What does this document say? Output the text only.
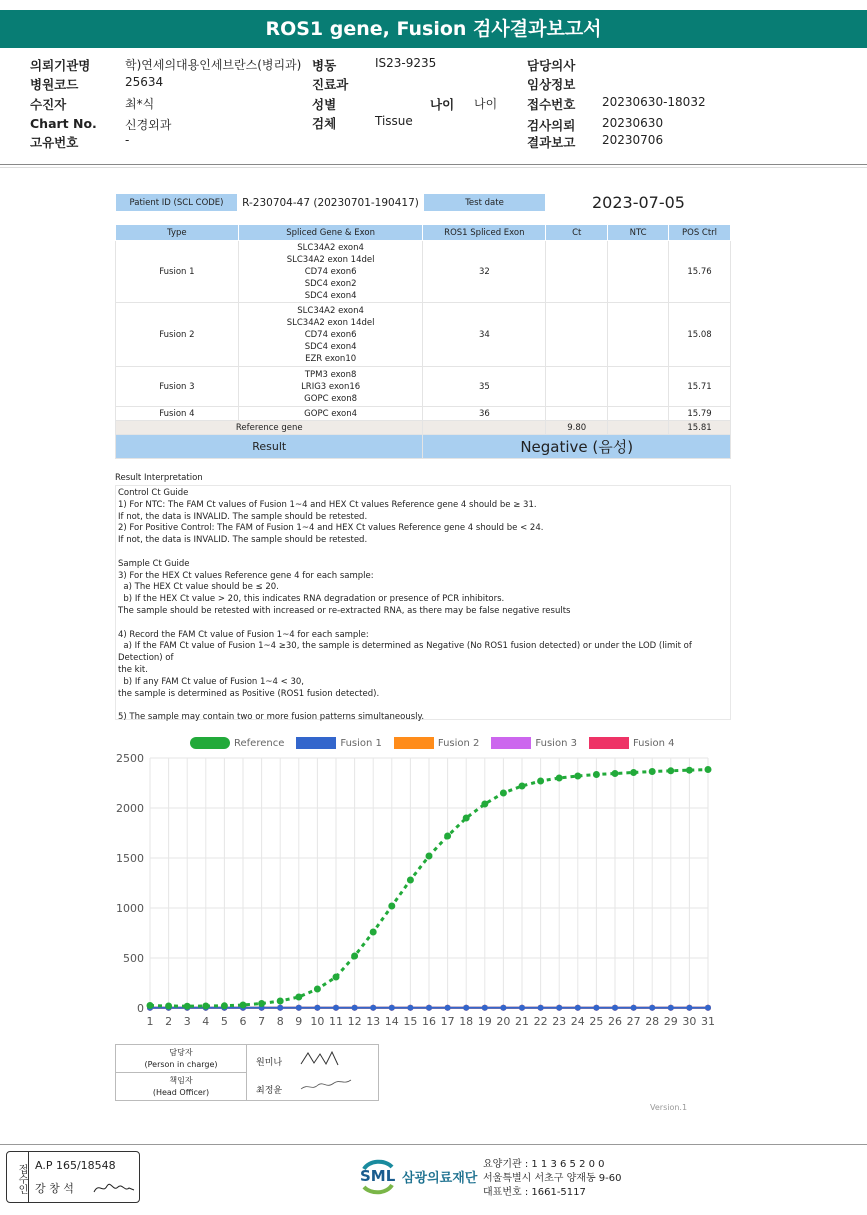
ROS1 gene, Fusion 검사결과보고서
의뢰기관명	학)연세의대용인세브란스(병리과)
병원코드	25634
수진자	최*식
Chart No. 신경외과
고유번호	-
병동	IS23-9235
진료과
성별
검체	Tissue
담당의사
임상정보
접수번호 20230630-18032
검사의뢰 20230630
결과보고 20230706
나이 나이
Patient ID (SCL CODE)	R-230704-47 (20230701-190417)	Test date	2023-07-05
Type	Spliced Gene & Exon	ROS1 Spliced Exon	Ct	NTC	POS Ctrl
Fusion 1	SLC34A2 exon4
SLC34A2 exon 14del
CD74 exon6
SDC4 exon2
SDC4 exon4	32			15.76
Fusion 2	SLC34A2 exon4
SLC34A2 exon 14del
CD74 exon6
SDC4 exon4
EZR exon10	34			15.08
Fusion 3	TPM3 exon8
LRIG3 exon16
GOPC exon8	35			15.71
Fusion 4	GOPC exon4	36			15.79
Reference gene			9.80		15.81
Result		Negative (음성)			
Result Interpretation
Control Ct Guide
1) For NTC: The FAM Ct values of Fusion 1~4 and HEX Ct values Reference gene 4 should be ≥ 31.
If not, the data is INVALID. The sample should be retested.
2) For Positive Control: The FAM of Fusion 1~4 and HEX Ct values Reference gene 4 should be < 24.
If not, the data is INVALID. The sample should be retested.

Sample Ct Guide
3) For the HEX Ct values Reference gene 4 for each sample:
a) The HEX Ct value should be ≤ 20.
b) If the HEX Ct value > 20, this indicates RNA degradation or presence of PCR inhibitors.
The sample should be retested with increased or re-extracted RNA, as there may be false negative results

4) Record the FAM Ct value of Fusion 1~4 for each sample:
a) If the FAM Ct value of Fusion 1~4 ≥30, the sample is determined as Negative (No ROS1 fusion detected) or under the LOD (limit of Detection) of
the kit.
b) If any FAM Ct value of Fusion 1~4 < 30,
the sample is determined as Positive (ROS1 fusion detected).

5) The sample may contain two or more fusion patterns simultaneously.
Reference	Fusion 1	Fusion 2	Fusion 3	Fusion 4
0
500
1000
1500
2000
2500
1 2 3 4 5 6 7 8 9 10 11 12 13 14 15 16 17 18 19 20 21 22 23 24 25 26 27 28 29 30 31
담당자
(Person in charge)
책임자
(Head Officer)
원미나
최정윤
Version.1
접수인 A.P 165/18548
강 창 석
SML 삼광의료재단
요양기관 : 1 1 3 6 5 2 0 0
서울특별시 서초구 양재동 9-60
대표번호 : 1661-5117
